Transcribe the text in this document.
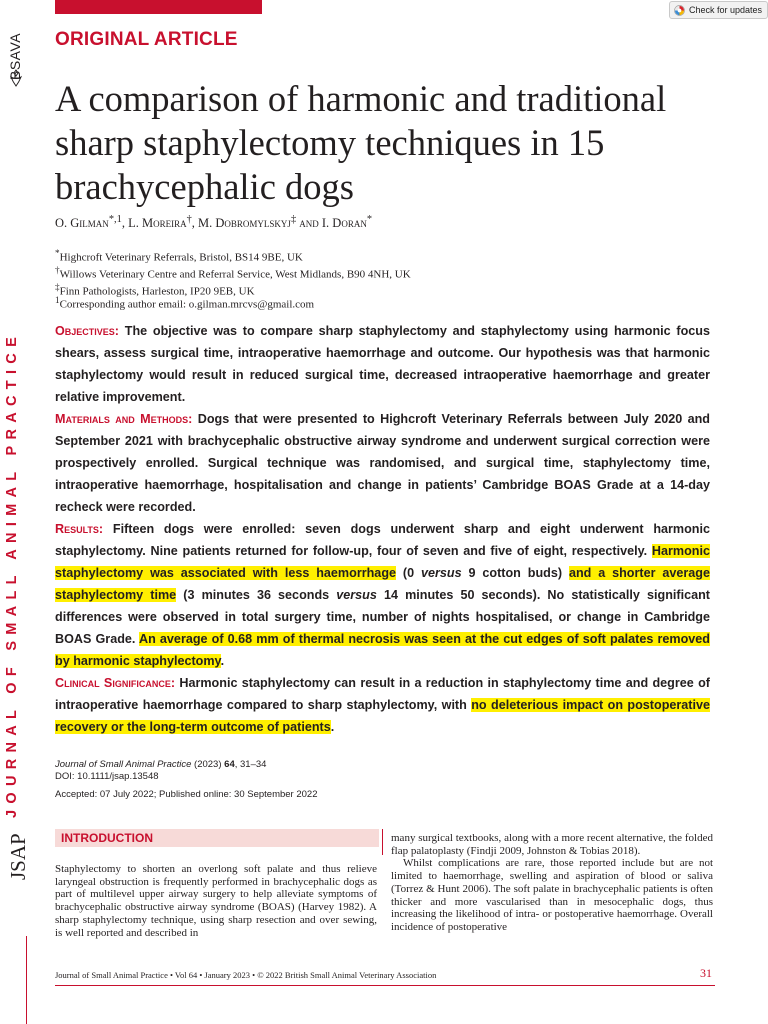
Check for updates
BSAVA
JOURNAL OF SMALL ANIMAL PRACTICE
JSAP
ORIGINAL ARTICLE
A comparison of harmonic and traditional sharp staphylectomy techniques in 15 brachycephalic dogs
O. Gilman$^{*,1}$, L. Moreira†, M. Dobromylskyj‡ and I. Doran*
*Highcroft Veterinary Referrals, Bristol, BS14 9BE, UK
†Willows Veterinary Centre and Referral Service, West Midlands, B90 4NH, UK
‡Finn Pathologists, Harleston, IP20 9EB, UK
$^1$Corresponding author email: o.gilman.mrcvs@gmail.com

Objectives: The objective was to compare sharp staphylectomy and staphylectomy using harmonic focus shears, assess surgical time, intraoperative haemorrhage and outcome. Our hypothesis was that harmonic staphylectomy would result in reduced surgical time, decreased intraoperative haemorrhage and greater relative improvement.

Materials and Methods: Dogs that were presented to Highcroft Veterinary Referrals between July 2020 and September 2021 with brachycephalic obstructive airway syndrome and underwent surgical correction were prospectively enrolled. Surgical technique was randomised, and surgical time, staphylectomy time, intraoperative haemorrhage, hospitalisation and change in patients’ Cambridge BOAS Grade at a 14-day recheck were recorded.

Results: Fifteen dogs were enrolled: seven dogs underwent sharp and eight underwent harmonic staphylectomy. Nine patients returned for follow-up, four of seven and five of eight, respectively. Harmonic staphylectomy was associated with less haemorrhage (0 versus 9 cotton buds) and a shorter average staphylectomy time (3 minutes 36 seconds versus 14 minutes 50 seconds). No statistically significant differences were observed in total surgery time, number of nights hospitalised, or change in Cambridge BOAS Grade. An average of 0.68 mm of thermal necrosis was seen at the cut edges of soft palates removed by harmonic staphylectomy.

Clinical Significance: Harmonic staphylectomy can result in a reduction in staphylectomy time and degree of intraoperative haemorrhage compared to sharp staphylectomy, with no deleterious impact on postoperative recovery or the long-term outcome of patients.

Journal of Small Animal Practice (2023) 64, 31–34
DOI: 10.1111/jsap.13548
Accepted: 07 July 2022; Published online: 30 September 2022
INTRODUCTION

Staphylectomy to shorten an overlong soft palate and thus relieve laryngeal obstruction is frequently performed in brachycephalic dogs as part of multilevel upper airway surgery to help alleviate symptoms of brachycephalic obstructive airway syndrome (BOAS) (Harvey 1982). A sharp staphylectomy technique, using sharp resection and over sewing, is well reported and described in

many surgical textbooks, along with a more recent alternative, the folded flap palatoplasty (Findji 2009, Johnston & Tobias 2018).

Whilst complications are rare, those reported include but are not limited to haemorrhage, swelling and aspiration of blood or saliva (Torrez & Hunt 2006). The soft palate in brachycephalic patients is often thicker and more vascularised than in mesocephalic dogs, thus increasing the likelihood of intra- or postoperative haemorrhage. Overall incidence of postoperative

Journal of Small Animal Practice • Vol 64 • January 2023 • © 2022 British Small Animal Veterinary Association	31
